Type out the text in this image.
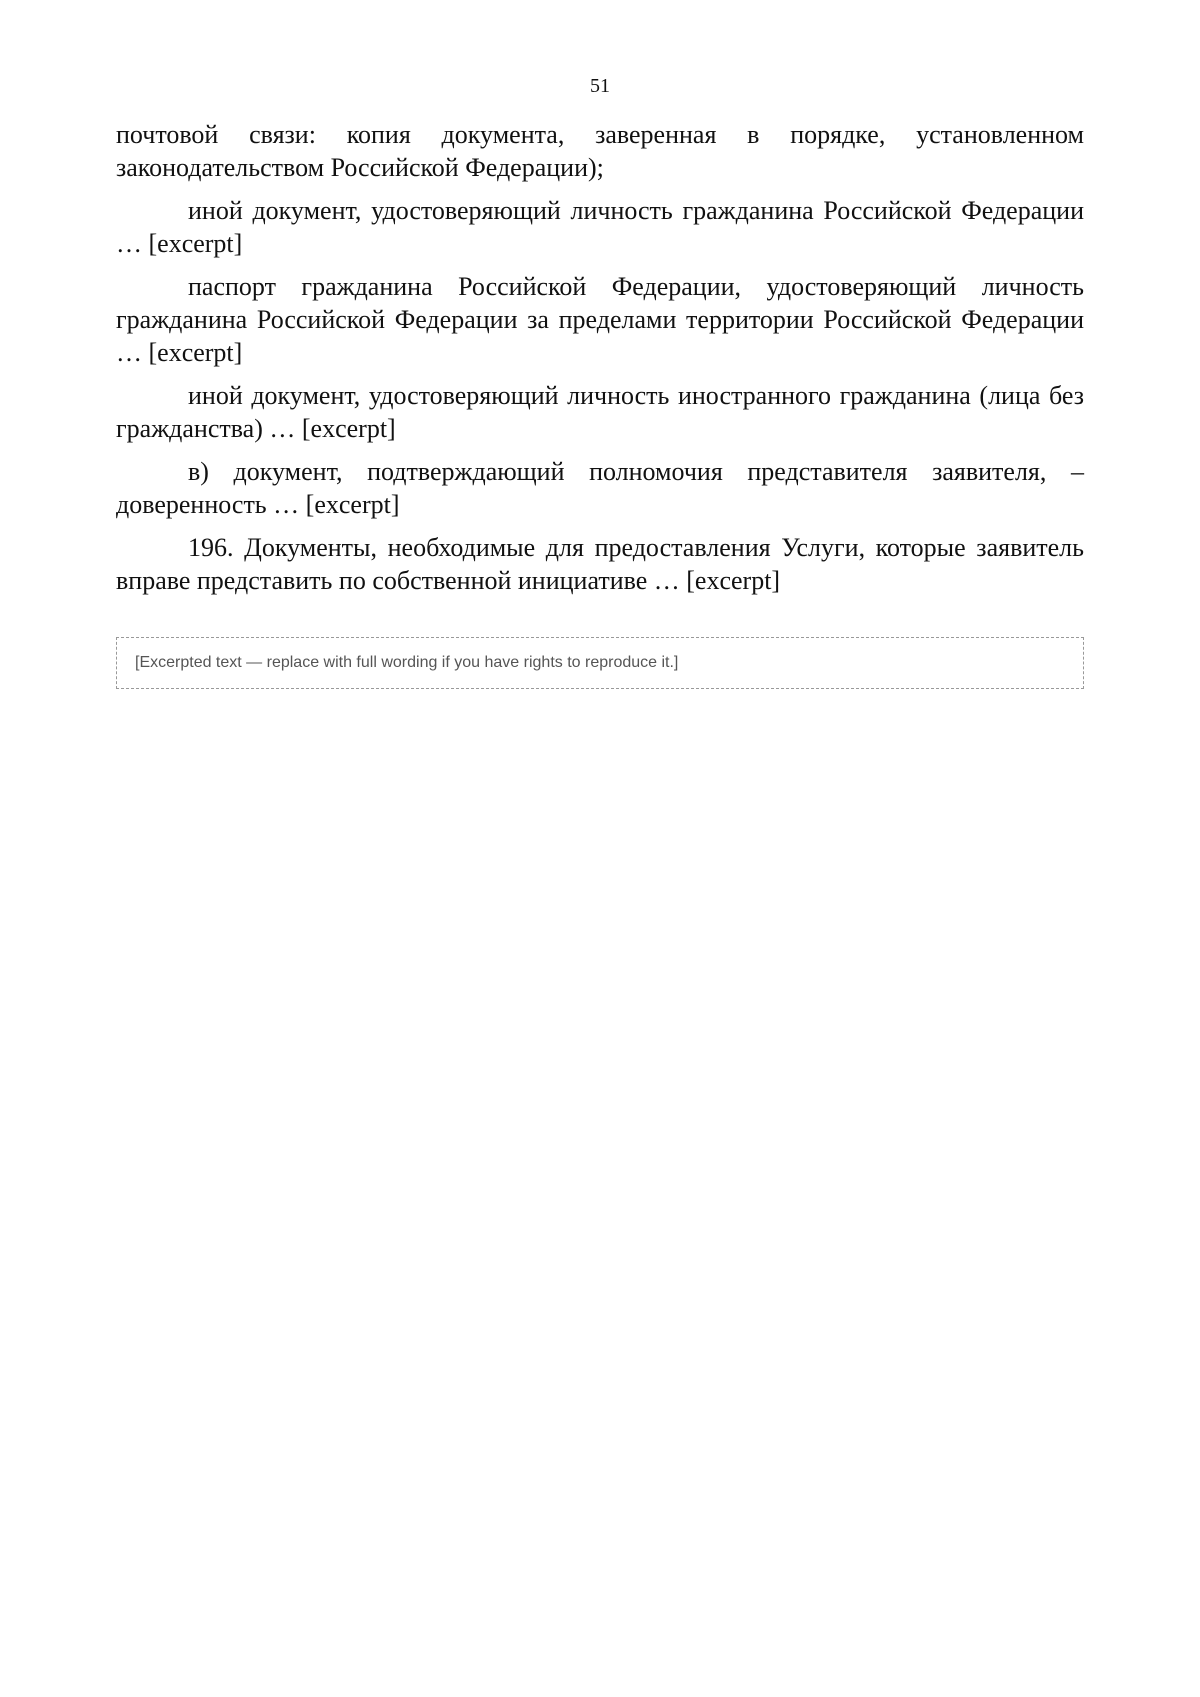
51

почтовой связи: копия документа, заверенная в порядке, установленном законодательством Российской Федерации);

иной документ, удостоверяющий личность гражданина Российской Федерации … [excerpt]

паспорт гражданина Российской Федерации, удостоверяющий личность гражданина Российской Федерации за пределами территории Российской Федерации … [excerpt]

иной документ, удостоверяющий личность иностранного гражданина (лица без гражданства) … [excerpt]

в) документ, подтверждающий полномочия представителя заявителя, – доверенность … [excerpt]

196. Документы, необходимые для предоставления Услуги, которые заявитель вправе представить по собственной инициативе … [excerpt]

[Excerpted text — replace with full wording if you have rights to reproduce it.]
